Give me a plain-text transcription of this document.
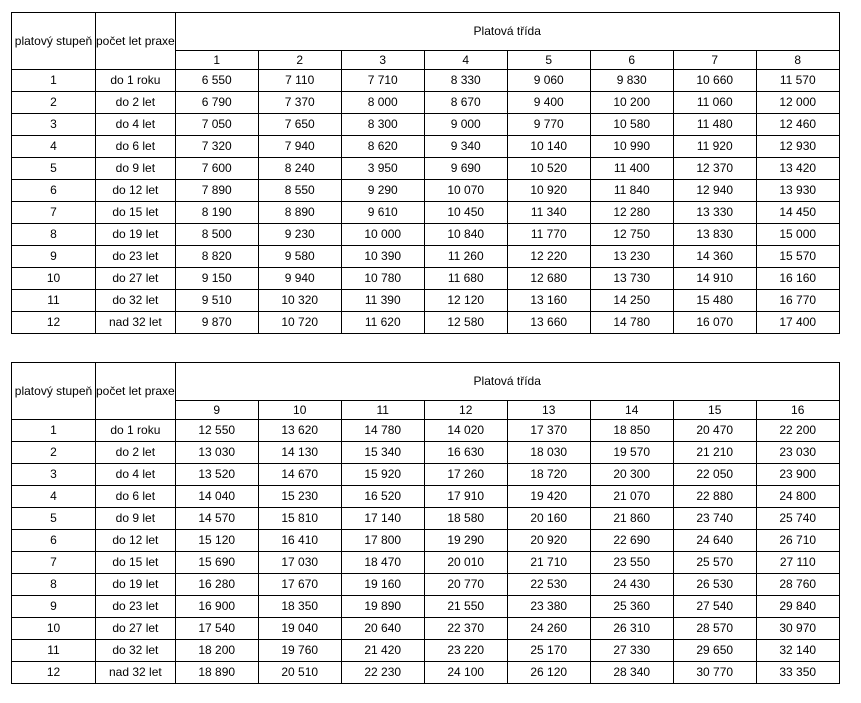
platový stupeň	počet let praxe	Platová třída							
		1	2	3	4	5	6	7	8
1	do 1 roku	6 550	7 110	7 710	8 330	9 060	9 830	10 660	11 570
2	do 2 let	6 790	7 370	8 000	8 670	9 400	10 200	11 060	12 000
3	do 4 let	7 050	7 650	8 300	9 000	9 770	10 580	11 480	12 460
4	do 6 let	7 320	7 940	8 620	9 340	10 140	10 990	11 920	12 930
5	do 9 let	7 600	8 240	3 950	9 690	10 520	11 400	12 370	13 420
6	do 12 let	7 890	8 550	9 290	10 070	10 920	11 840	12 940	13 930
7	do 15 let	8 190	8 890	9 610	10 450	11 340	12 280	13 330	14 450
8	do 19 let	8 500	9 230	10 000	10 840	11 770	12 750	13 830	15 000
9	do 23 let	8 820	9 580	10 390	11 260	12 220	13 230	14 360	15 570
10	do 27 let	9 150	9 940	10 780	11 680	12 680	13 730	14 910	16 160
11	do 32 let	9 510	10 320	11 390	12 120	13 160	14 250	15 480	16 770
12	nad 32 let	9 870	10 720	11 620	12 580	13 660	14 780	16 070	17 400
platový stupeň	počet let praxe	Platová třída							
		9	10	11	12	13	14	15	16
1	do 1 roku	12 550	13 620	14 780	14 020	17 370	18 850	20 470	22 200
2	do 2 let	13 030	14 130	15 340	16 630	18 030	19 570	21 210	23 030
3	do 4 let	13 520	14 670	15 920	17 260	18 720	20 300	22 050	23 900
4	do 6 let	14 040	15 230	16 520	17 910	19 420	21 070	22 880	24 800
5	do 9 let	14 570	15 810	17 140	18 580	20 160	21 860	23 740	25 740
6	do 12 let	15 120	16 410	17 800	19 290	20 920	22 690	24 640	26 710
7	do 15 let	15 690	17 030	18 470	20 010	21 710	23 550	25 570	27 110
8	do 19 let	16 280	17 670	19 160	20 770	22 530	24 430	26 530	28 760
9	do 23 let	16 900	18 350	19 890	21 550	23 380	25 360	27 540	29 840
10	do 27 let	17 540	19 040	20 640	22 370	24 260	26 310	28 570	30 970
11	do 32 let	18 200	19 760	21 420	23 220	25 170	27 330	29 650	32 140
12	nad 32 let	18 890	20 510	22 230	24 100	26 120	28 340	30 770	33 350
